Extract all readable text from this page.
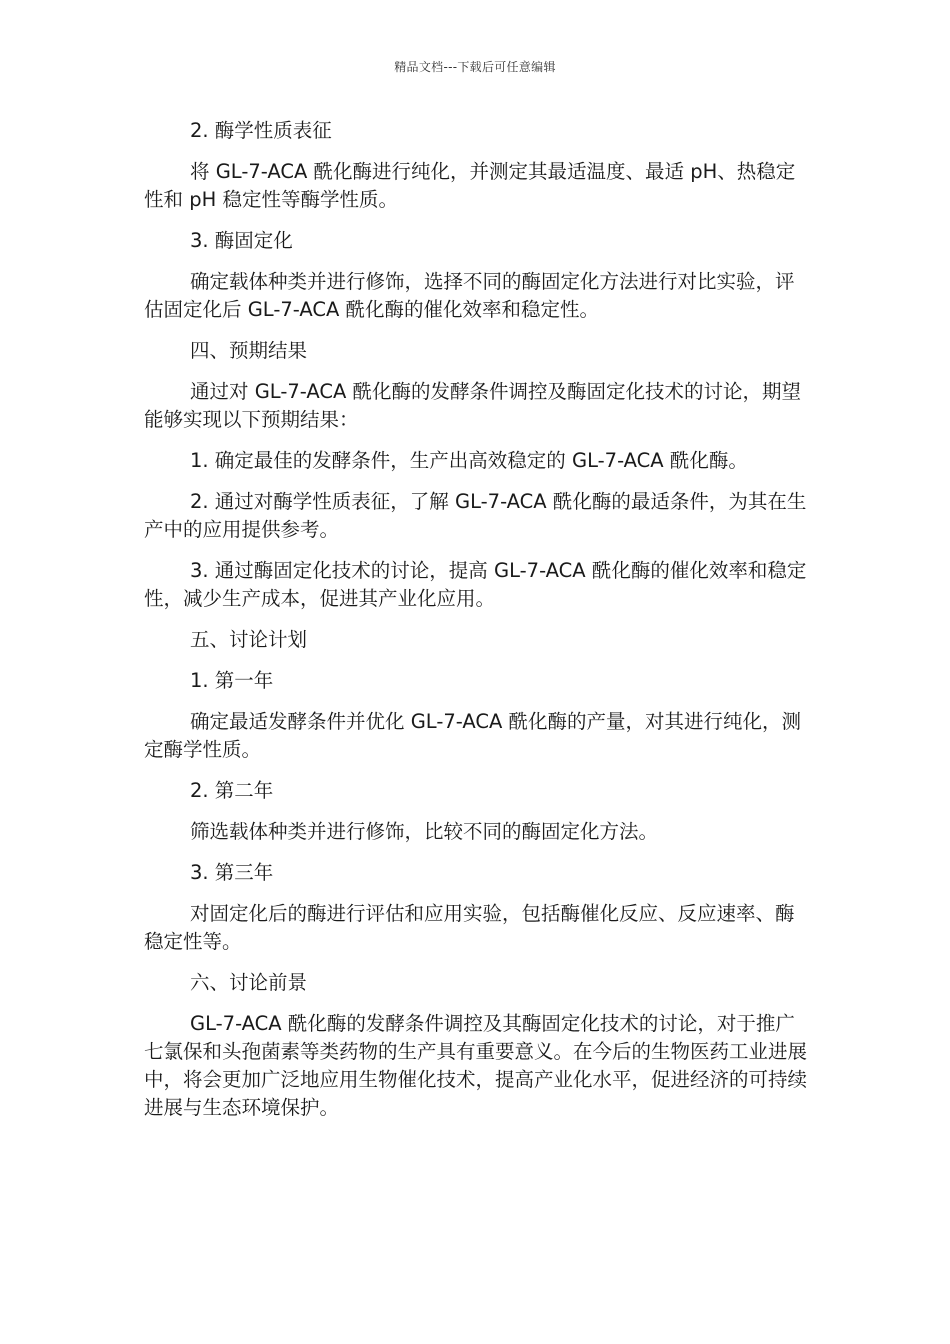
精品文档---下载后可任意编辑

2. 酶学性质表征

将 GL-7-ACA 酰化酶进行纯化，并测定其最适温度、最适 pH、热稳定性和 pH 稳定性等酶学性质。

3. 酶固定化

确定载体种类并进行修饰，选择不同的酶固定化方法进行对比实验，评估固定化后 GL-7-ACA 酰化酶的催化效率和稳定性。

四、预期结果

通过对 GL-7-ACA 酰化酶的发酵条件调控及酶固定化技术的讨论，期望能够实现以下预期结果：

1. 确定最佳的发酵条件，生产出高效稳定的 GL-7-ACA 酰化酶。

2. 通过对酶学性质表征，了解 GL-7-ACA 酰化酶的最适条件，为其在生产中的应用提供参考。

3. 通过酶固定化技术的讨论，提高 GL-7-ACA 酰化酶的催化效率和稳定性，减少生产成本，促进其产业化应用。

五、讨论计划

1. 第一年

确定最适发酵条件并优化 GL-7-ACA 酰化酶的产量，对其进行纯化，测定酶学性质。

2. 第二年

筛选载体种类并进行修饰，比较不同的酶固定化方法。

3. 第三年

对固定化后的酶进行评估和应用实验，包括酶催化反应、反应速率、酶稳定性等。

六、讨论前景

GL-7-ACA 酰化酶的发酵条件调控及其酶固定化技术的讨论，对于推广七氯保和头孢菌素等类药物的生产具有重要意义。在今后的生物医药工业进展中，将会更加广泛地应用生物催化技术，提高产业化水平，促进经济的可持续进展与生态环境保护。
